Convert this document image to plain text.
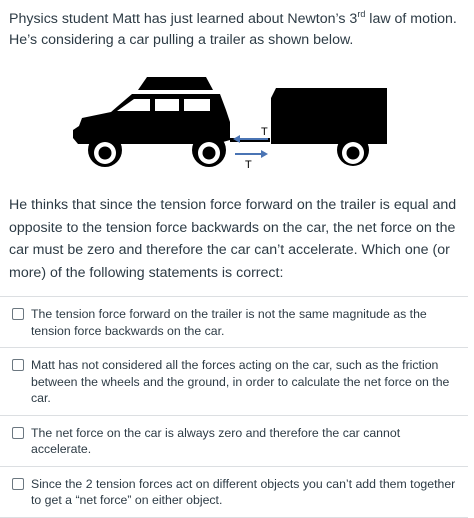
Physics student Matt has just learned about Newton’s 3rd law of motion.
He’s considering a car pulling a trailer as shown below.
T
T
He thinks that since the tension force forward on the trailer is equal and opposite to the tension force backwards on the car, the net force on the car must be zero and therefore the car can’t accelerate. Which one (or more) of the following statements is correct:
The tension force forward on the trailer is not the same magnitude as the tension force backwards on the car.
Matt has not considered all the forces acting on the car, such as the friction between the wheels and the ground, in order to calculate the net force on the car.
The net force on the car is always zero and therefore the car cannot accelerate.
Since the 2 tension forces act on different objects you can’t add them together to get a “net force” on either object.
